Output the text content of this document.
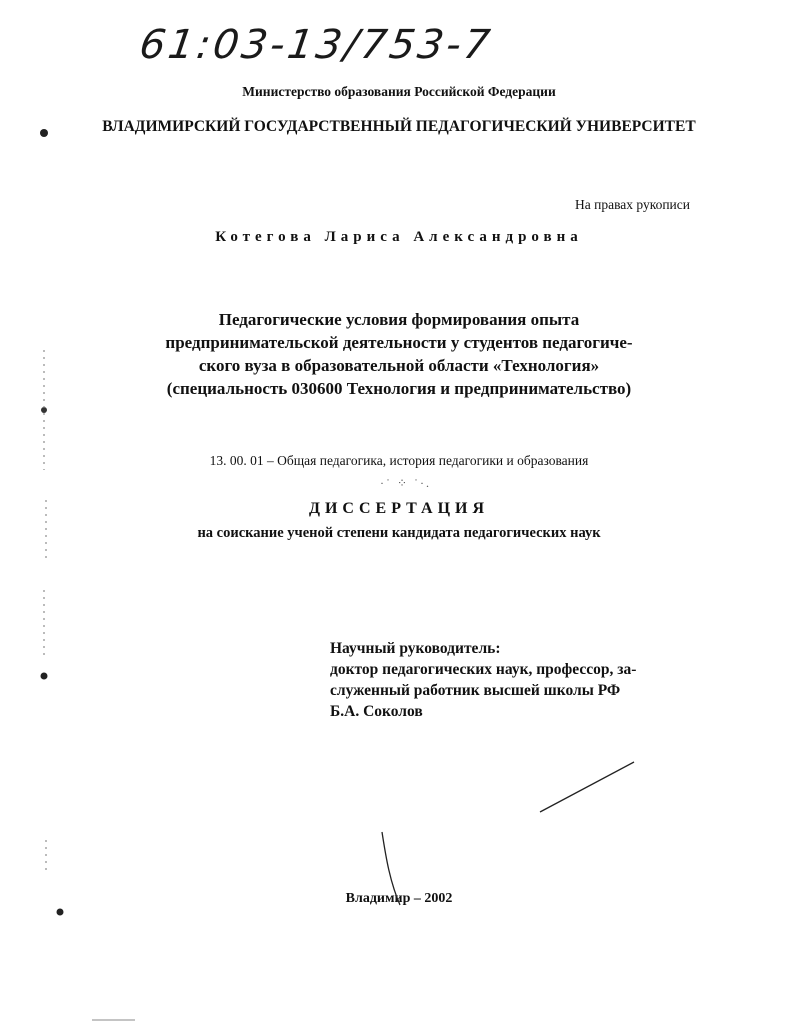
61:03-13/753-7
Министерство образования Российской Федерации
ВЛАДИМИРСКИЙ ГОСУДАРСТВЕННЫЙ ПЕДАГОГИЧЕСКИЙ УНИВЕРСИТЕТ
На правах рукописи
Котегова Лариса Александровна
Педагогические условия формирования опыта
предпринимательской деятельности у студентов педагогиче-
ского вуза в образовательной области «Технология»
(специальность 030600 Технология и предпринимательство)
13. 00. 01 – Общая педагогика, история педагогики и образования
·˙ ⁘ ˙·.
ДИССЕРТАЦИЯ
на соискание ученой степени кандидата педагогических наук
Научный руководитель:
доктор педагогических наук, профессор, за-
служенный работник высшей школы РФ
Б.А. Соколов
Владимир – 2002
